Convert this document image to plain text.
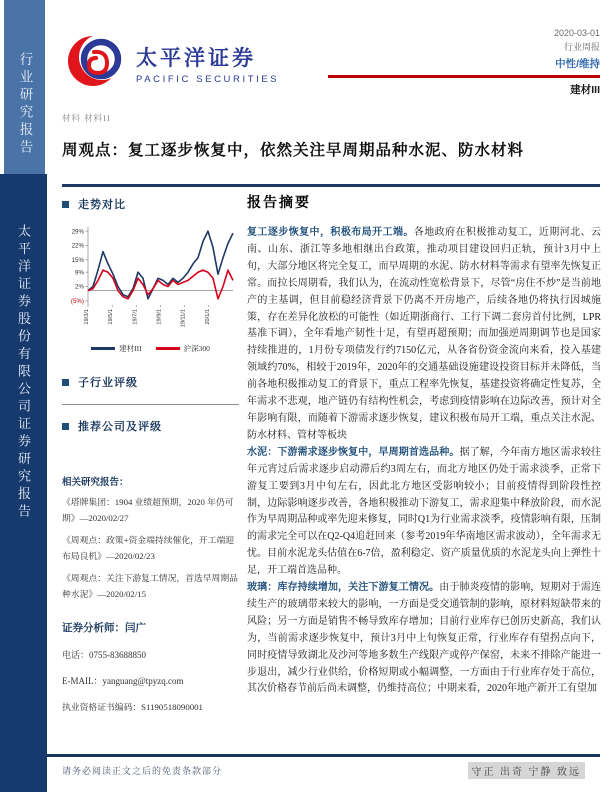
行业研究报告
太平洋证券股份有限公司证券研究报告
太平洋证券
PACIFIC SECURITIES
2020-03-01
行业周报
中性/维持
建材III
材料 材料II
周观点：复工逐步恢复中，依然关注早周期品种水泥、防水材料
走势对比
29%
22%
15%
9%
2%
(5%)
19/3/1	19/5/1	19/7/1	19/9/1	19/11/1	20/1/1
建材III	沪深300
子行业评级
推荐公司及评级
相关研究报告：
《塔牌集团：1904 业绩超预期，2020 年仍可期》—2020/02/27
《周观点：政策+资金端持续催化，开工端迎布局良机》—2020/02/23
《周观点：关注下游复工情况，首选早周期品种水泥》—2020/02/15
证券分析师：闫广
电话：0755-83688850
E-MAIL：yanguang@tpyzq.com
执业资格证书编码：S1190518090001
报告摘要

复工逐步恢复中，积极布局开工端。各地政府在积极推动复工，近期河北、云南、山东、浙江等多地相继出台政策，推动项目建设回归正轨，预计3月中上旬，大部分地区将完全复工，而早周期的水泥、防水材料等需求有望率先恢复正常。而拉长周期看，我们认为，在流动性宽松背景下，尽管“房住不炒”是当前地产的主基调，但目前稳经济背景下仍离不开房地产，后续各地仍将执行因城施策，存在差异化放松的可能性（如近期浙商行、工行下调二套房首付比例，LPR基准下调），全年看地产韧性十足，有望再超预期；而加强逆周期调节也是国家持续推进的，1月份专项债发行约7150亿元，从各省份资金流向来看，投入基建领域约70%，相较于2019年，2020年的交通基础设施建设投资目标并未降低，当前各地积极推动复工的背景下，重点工程率先恢复，基建投资将确定性复苏，全年需求不悲观，地产链仍有结构性机会，考虑到疫情影响在边际改善，预计对全年影响有限，而随着下游需求逐步恢复，建议积极布局开工端，重点关注水泥、防水材料、管材等板块

水泥：下游需求逐步恢复中，早周期首选品种。据了解，今年南方地区需求较往年元宵过后需求逐步启动滞后约3周左右，而北方地区仍处于需求淡季，正常下游复工要到3月中旬左右，因此北方地区受影响较小；目前疫情得到阶段性控制，边际影响逐步改善，各地积极推动下游复工，需求迎集中释放阶段，而水泥作为早周期品种或率先迎来修复，同时Q1为行业需求淡季，疫情影响有限，压制的需求完全可以在Q2-Q4追赶回来（参考2019年华南地区需求波动），全年需求无忧。目前水泥龙头估值在6-7倍，盈利稳定、资产质量优质的水泥龙头向上弹性十足，开工端首选品种。

玻璃：库存持续增加，关注下游复工情况。由于肺炎疫情的影响，短期对于需连续生产的玻璃带来较大的影响，一方面是受交通管制的影响，原材料短缺带来的风险；另一方面是销售不畅导致库存增加；目前行业库存已创历史新高，我们认为，当前需求逐步恢复中，预计3月中上旬恢复正常，行业库存有望拐点向下，同时疫情导致湖北及沙河等地多数生产线限产或停产保窑，未来不排除产能进一步退出，减少行业供给，价格短期或小幅调整，一方面由于行业库存处于高位，其次价格春节前后尚未调整，仍维持高位；中期来看，2020年地产新开工有望加

请务必阅读正文之后的免责条款部分	守正 出奇 宁静 致远
